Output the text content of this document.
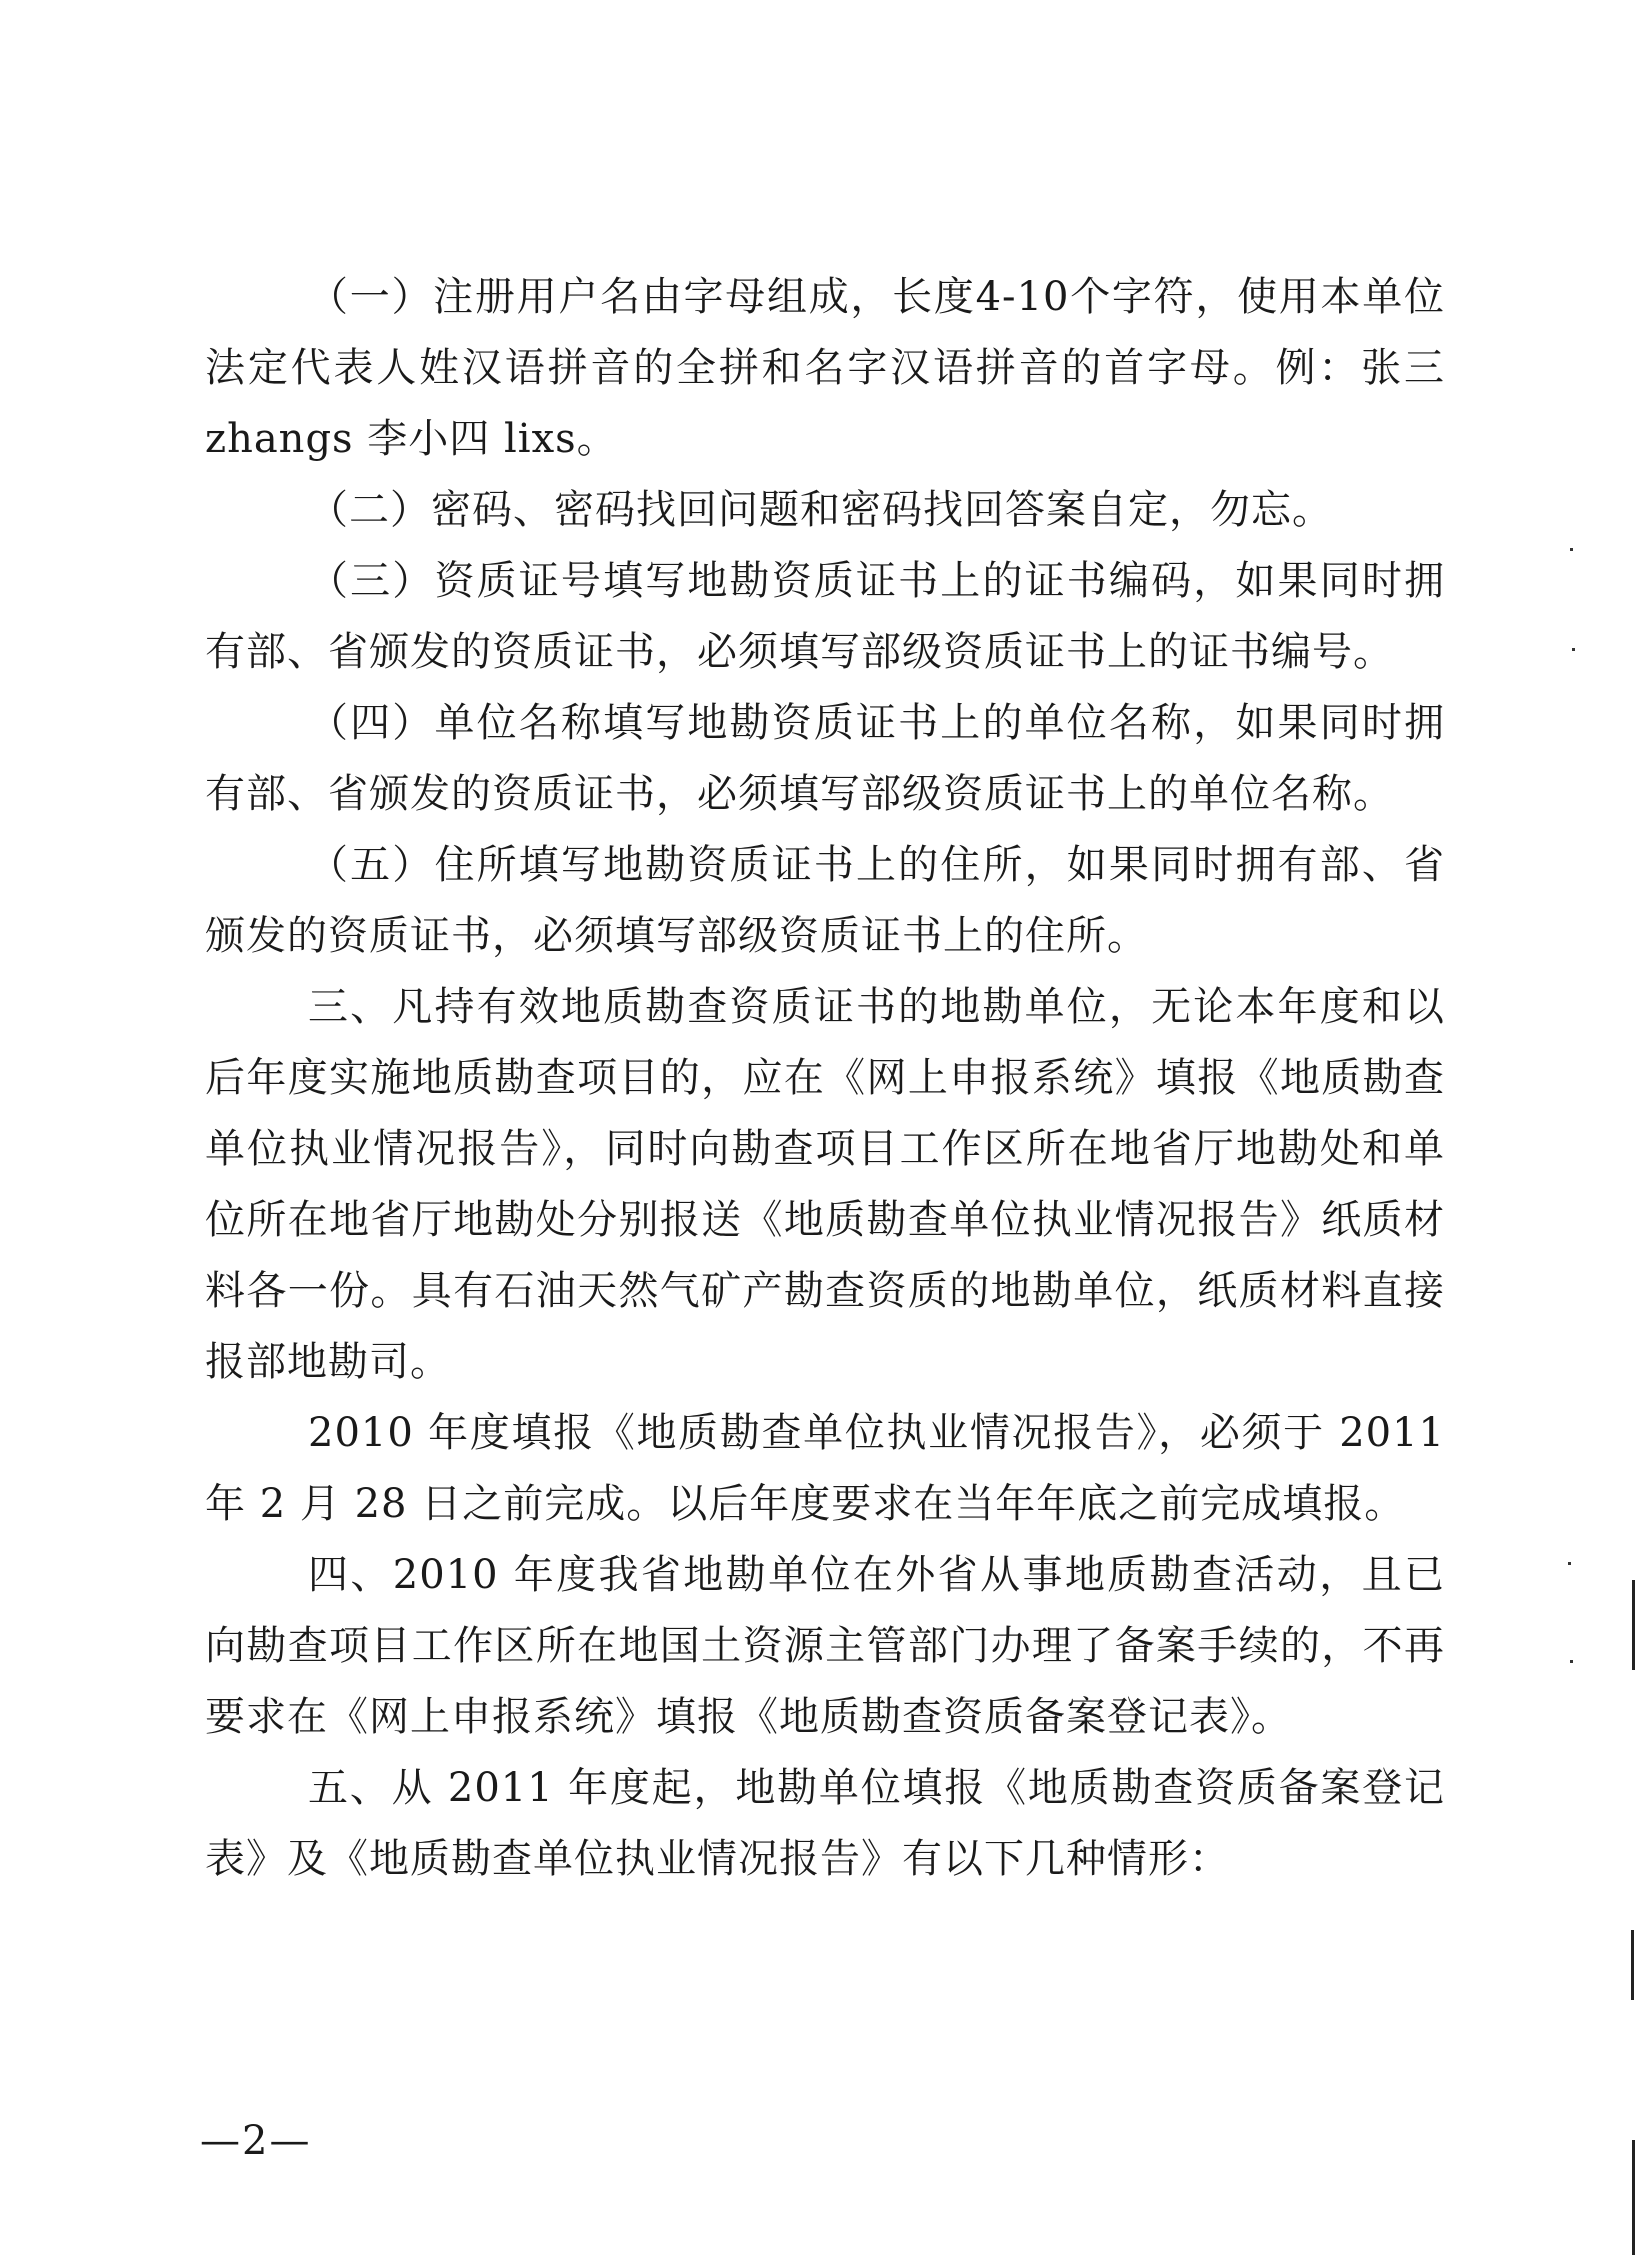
（一）注册用户名由字母组成，长度4-10个字符，使用本单位法定代表人姓汉语拼音的全拼和名字汉语拼音的首字母。例：张三 zhangs 李小四 lixs。

（二）密码、密码找回问题和密码找回答案自定，勿忘。

（三）资质证号填写地勘资质证书上的证书编码，如果同时拥有部、省颁发的资质证书，必须填写部级资质证书上的证书编号。

（四）单位名称填写地勘资质证书上的单位名称，如果同时拥有部、省颁发的资质证书，必须填写部级资质证书上的单位名称。

（五）住所填写地勘资质证书上的住所，如果同时拥有部、省颁发的资质证书，必须填写部级资质证书上的住所。

三、凡持有效地质勘查资质证书的地勘单位，无论本年度和以后年度实施地质勘查项目的，应在《网上申报系统》填报《地质勘查单位执业情况报告》，同时向勘查项目工作区所在地省厅地勘处和单位所在地省厅地勘处分别报送《地质勘查单位执业情况报告》纸质材料各一份。具有石油天然气矿产勘查资质的地勘单位，纸质材料直接报部地勘司。

2010 年度填报《地质勘查单位执业情况报告》，必须于 2011 年 2 月 28 日之前完成。以后年度要求在当年年底之前完成填报。

四、2010 年度我省地勘单位在外省从事地质勘查活动，且已向勘查项目工作区所在地国土资源主管部门办理了备案手续的，不再要求在《网上申报系统》填报《地质勘查资质备案登记表》。

五、从 2011 年度起，地勘单位填报《地质勘查资质备案登记表》及《地质勘查单位执业情况报告》有以下几种情形：

—2—
